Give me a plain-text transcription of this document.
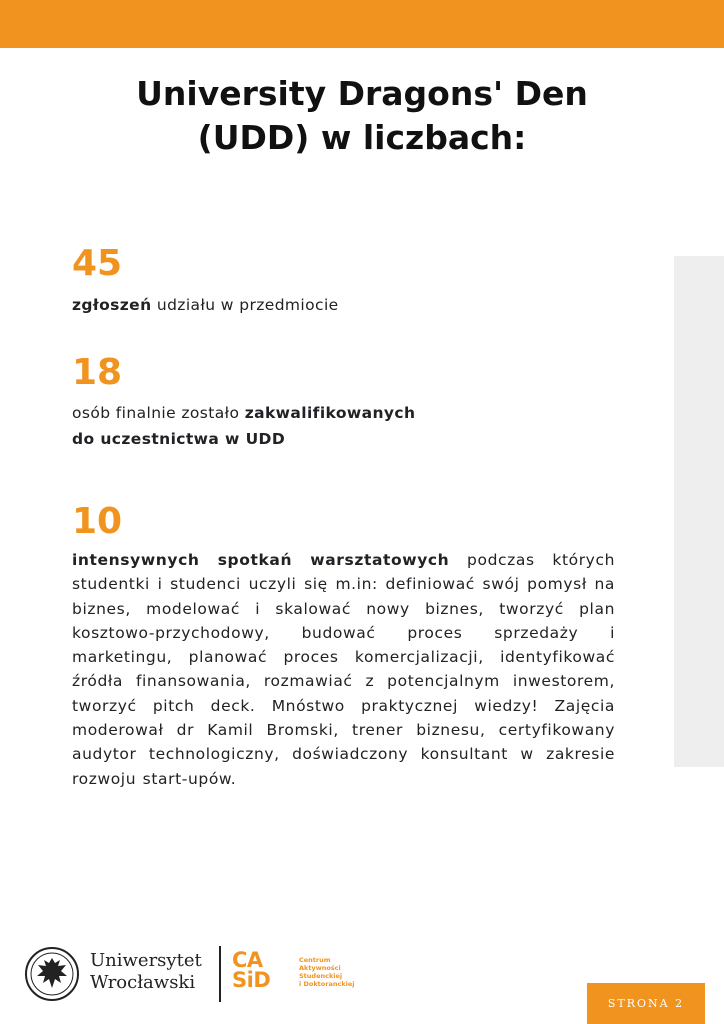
University Dragons' Den
(UDD) w liczbach:
45
zgłoszeń udziału w przedmiocie
18
osób finalnie zostało zakwalifikowanych
do uczestnictwa w UDD
10

intensywnych spotkań warsztatowych podczas których studentki i studenci uczyli się m.in: definiować swój pomysł na biznes, modelować i skalować nowy biznes, tworzyć plan kosztowo-przychodowy, budować proces sprzedaży i marketingu, planować proces komercjalizacji, identyfikować źródła finansowania, rozmawiać z potencjalnym inwestorem, tworzyć pitch deck. Mnóstwo praktycznej wiedzy! Zajęcia moderował dr Kamil Bromski, trener biznesu, certyfikowany audytor technologiczny, doświadczony konsultant w zakresie rozwoju start-upów.

Uniwersytet
Wrocławski
CA
SiD
Centrum
Aktywności
Studenckiej
i Doktoranckiej
STRONA 2
